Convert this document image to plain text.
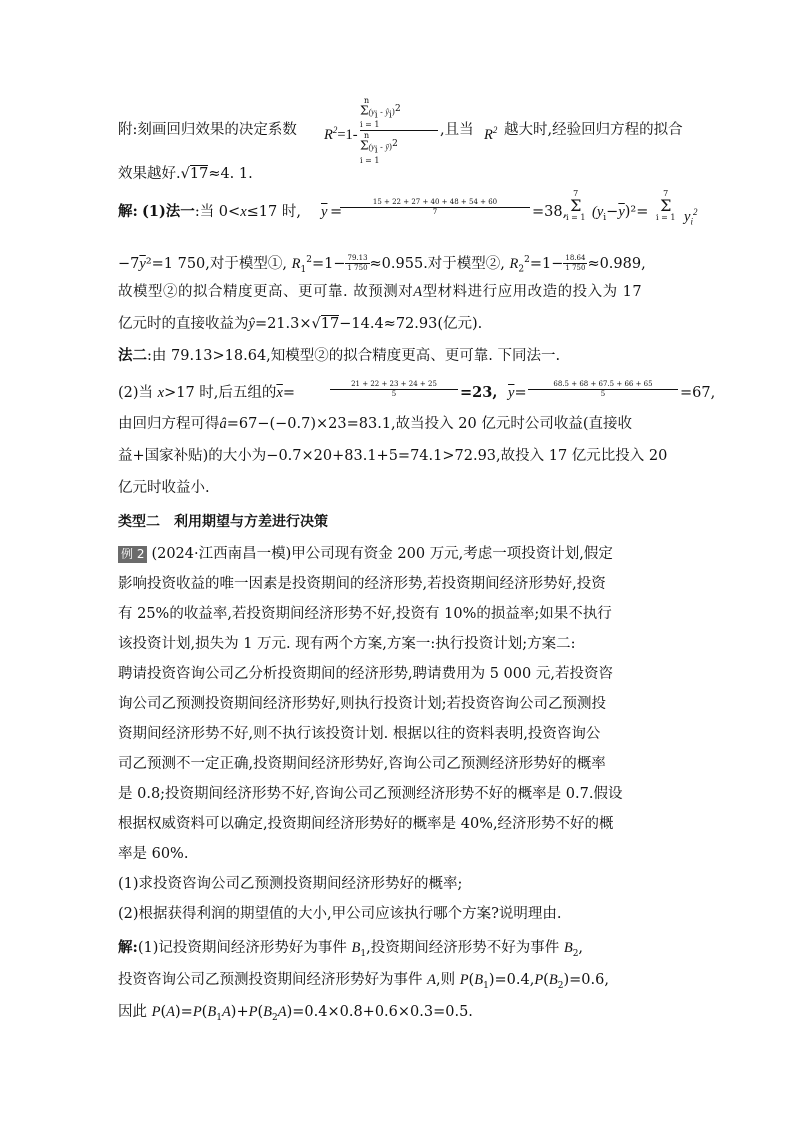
附:刻画回归效果的决定系数 $R^2=1-$
n
$\Sigma(y_i$ - $ŷ_i)^2$
i = 1
n
$\Sigma(y_i$ - ȳ)$^2$
i = 1
,且当 $R^2$ 越大时,经验回归方程的拟合
效果越好.√17≈4. 1.
解: (1)法一:当 0<x≤17 时, $\overline{y}$ =
$\frac{15 + 22 + 27 + 40 + 48 + 54 + 60}{7} =38$,
7
Σ
i = 1 $(y_i-\overline{y})^2=$
7
Σ
i = 1 $y_i^2$
$-7\overline{y}^2=1$ 750,对于模型①, $R_1^2=1- \frac{79.13}{1 750} \approx 0.955$.对于模型②, $R_2^2=1- \frac{18.64}{1 750} \approx 0.989$,
故模型②的拟合精度更高、更可靠. 故预测对A型材料进行应用改造的投入为 17
亿元时的直接收益为ŷ=21.3×√17−14.4≈72.93(亿元).
法二:由 79.13>18.64,知模型②的拟合精度更高、更可靠. 下同法一.
(2)当 x>17 时,后五组的$\overline{x}=$	$\frac{21 + 22 + 23 + 24 + 25}{5} =23$, $\overline{y}= \frac{68.5 + 68 + 67.5 + 66 + 65}{5} =67$,
由回归方程可得â=67−(−0.7)×23=83.1,故当投入 20 亿元时公司收益(直接收
益+国家补贴)的大小为−0.7×20+83.1+5=74.1>72.93,故投入 17 亿元比投入 20
亿元时收益小.
类型二　利用期望与方差进行决策
例 2 (2024·江西南昌一模)甲公司现有资金 200 万元,考虑一项投资计划,假定
影响投资收益的唯一因素是投资期间的经济形势,若投资期间经济形势好,投资
有 25%的收益率,若投资期间经济形势不好,投资有 10%的损益率;如果不执行
该投资计划,损失为 1 万元. 现有两个方案,方案一:执行投资计划;方案二:
聘请投资咨询公司乙分析投资期间的经济形势,聘请费用为 5 000 元,若投资咨
询公司乙预测投资期间经济形势好,则执行投资计划;若投资咨询公司乙预测投
资期间经济形势不好,则不执行该投资计划. 根据以往的资料表明,投资咨询公
司乙预测不一定正确,投资期间经济形势好,咨询公司乙预测经济形势好的概率
是 0.8;投资期间经济形势不好,咨询公司乙预测经济形势不好的概率是 0.7.假设
根据权威资料可以确定,投资期间经济形势好的概率是 40%,经济形势不好的概
率是 60%.
(1)求投资咨询公司乙预测投资期间经济形势好的概率;
(2)根据获得利润的期望值的大小,甲公司应该执行哪个方案?说明理由.
解:(1)记投资期间经济形势好为事件 $B_1$,投资期间经济形势不好为事件 $B_2$,
投资咨询公司乙预测投资期间经济形势好为事件 A,则 $P(B_1)=0.4,P(B_2)=0.6$,
因此 $P(A)=P(B_1A)+P(B_2A)=0.4\times 0.8+0.6\times 0.3=0.5$.
